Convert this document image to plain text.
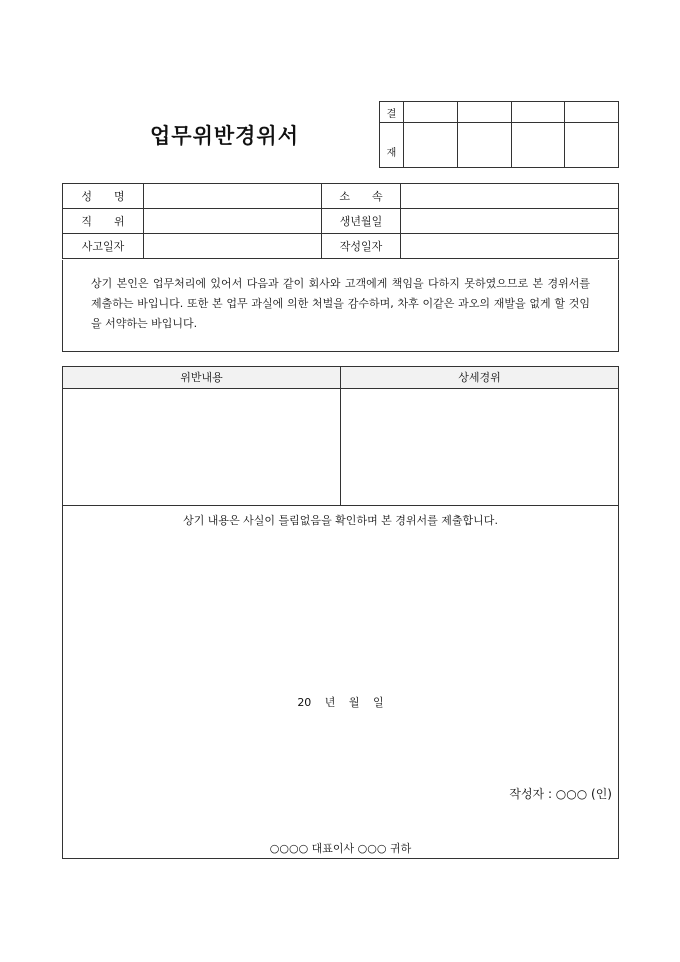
업무위반경위서
결				
재				
성　　명		소　　속	
직　　위		생년월일	
사고일자		작성일자	
상기 본인은 업무처리에 있어서 다음과 같이 회사와 고객에게 책임을 다하지 못하였으므로 본 경위서를 제출하는 바입니다. 또한 본 업무 과실에 의한 처벌을 감수하며, 차후 이같은 과오의 재발을 없게 할 것임을 서약하는 바입니다.
위반내용	상세경위
상기 내용은 사실이 틀림없음을 확인하며 본 경위서를 제출합니다.
20 년 월 일
작성자 : ○○○ (인)
○○○○ 대표이사 ○○○ 귀하
